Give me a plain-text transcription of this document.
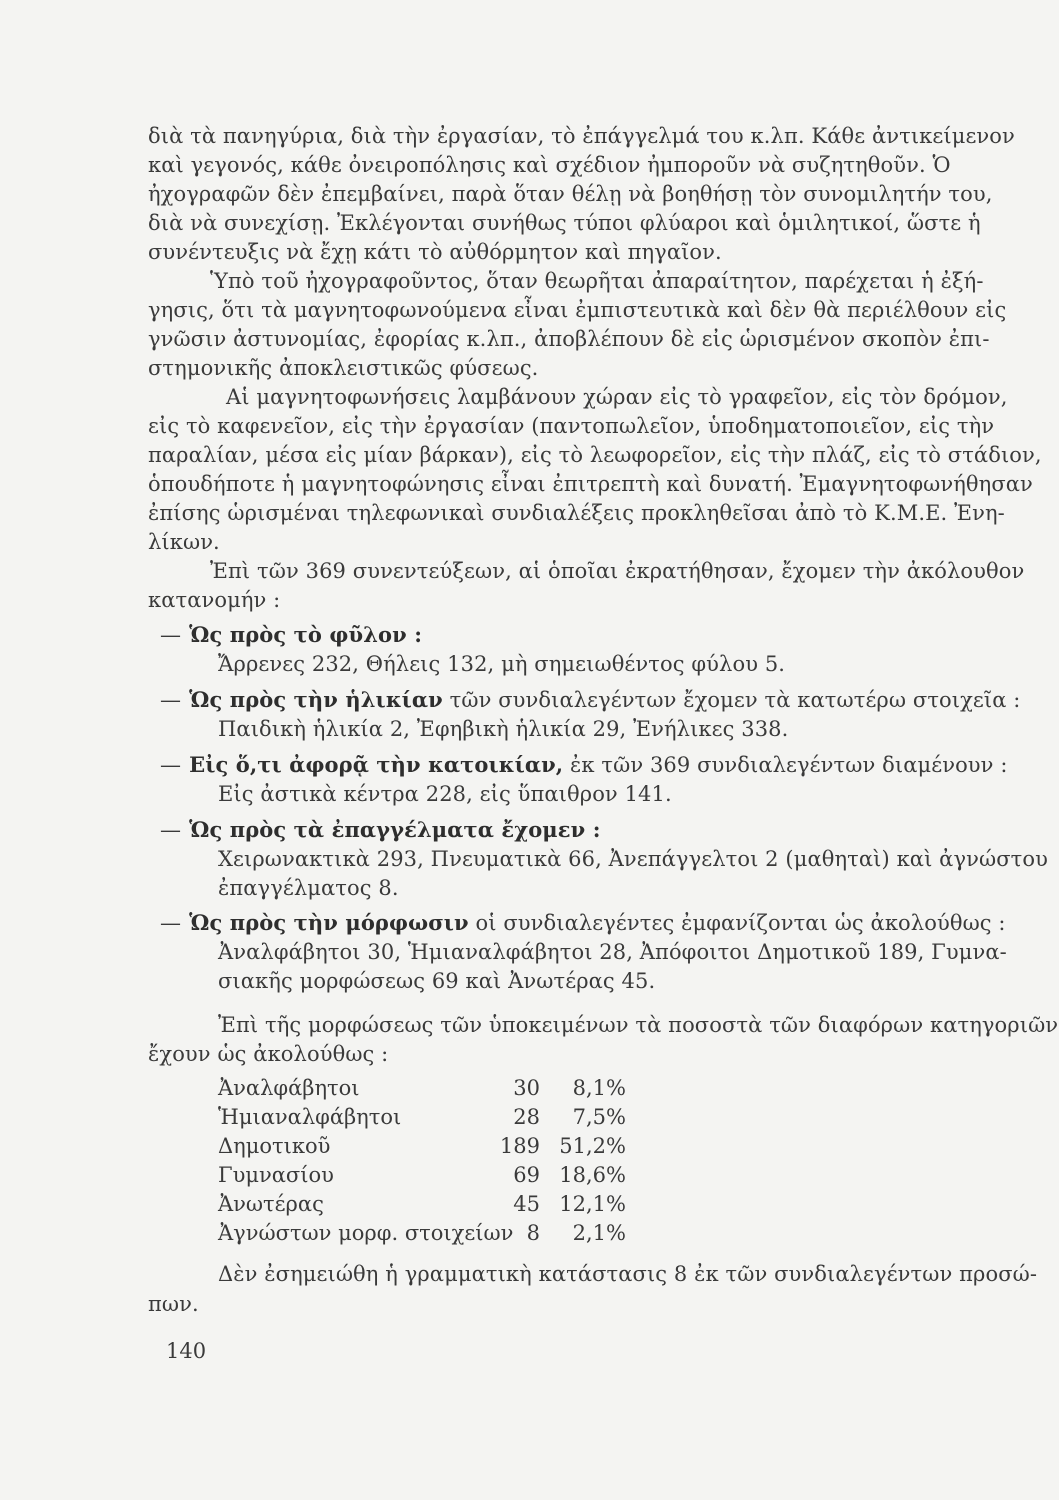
διὰ τὰ πανηγύρια, διὰ τὴν ἐργασίαν, τὸ ἐπάγγελμά του κ.λπ. Κάθε ἀντικείμενον
καὶ γεγονός, κάθε ὀνειροπόλησις καὶ σχέδιον ἠμποροῦν νὰ συζητηθοῦν. Ὁ
ἠχογραφῶν δὲν ἐπεμβαίνει, παρὰ ὅταν θέλῃ νὰ βοηθήσῃ τὸν συνομιλητήν του,
διὰ νὰ συνεχίσῃ. Ἐκλέγονται συνήθως τύποι φλύαροι καὶ ὁμιλητικοί, ὥστε ἡ
συνέντευξις νὰ ἔχῃ κάτι τὸ αὐθόρμητον καὶ πηγαῖον.
Ὑπὸ τοῦ ἠχογραφοῦντος, ὅταν θεωρῆται ἀπαραίτητον, παρέχεται ἡ ἐξή-
γησις, ὅτι τὰ μαγνητοφωνούμενα εἶναι ἐμπιστευτικὰ καὶ δὲν θὰ περιέλθουν εἰς
γνῶσιν ἀστυνομίας, ἐφορίας κ.λπ., ἀποβλέπουν δὲ εἰς ὡρισμένον σκοπὸν ἐπι-
στημονικῆς ἀποκλειστικῶς φύσεως.
Αἱ μαγνητοφωνήσεις λαμβάνουν χώραν εἰς τὸ γραφεῖον, εἰς τὸν δρόμον,
εἰς τὸ καφενεῖον, εἰς τὴν ἐργασίαν (παντοπωλεῖον, ὑποδηματοποιεῖον, εἰς τὴν
παραλίαν, μέσα εἰς μίαν βάρκαν), εἰς τὸ λεωφορεῖον, εἰς τὴν πλάζ, εἰς τὸ στάδιον,
ὁπουδήποτε ἡ μαγνητοφώνησις εἶναι ἐπιτρεπτὴ καὶ δυνατή. Ἐμαγνητοφωνήθησαν
ἐπίσης ὡρισμέναι τηλεφωνικαὶ συνδιαλέξεις προκληθεῖσαι ἀπὸ τὸ Κ.Μ.Ε. Ἐνη-
λίκων.
Ἐπὶ τῶν 369 συνεντεύξεων, αἱ ὁποῖαι ἐκρατήθησαν, ἔχομεν τὴν ἀκόλουθον
κατανομήν :
— Ὡς πρὸς τὸ φῦλον :
Ἄρρενες 232, Θήλεις 132, μὴ σημειωθέντος φύλου 5.
— Ὡς πρὸς τὴν ἡλικίαν τῶν συνδιαλεγέντων ἔχομεν τὰ κατωτέρω στοιχεῖα :
Παιδικὴ ἡλικία 2, Ἐφηβικὴ ἡλικία 29, Ἐνήλικες 338.
— Εἰς ὅ,τι ἀφορᾷ τὴν κατοικίαν, ἐκ τῶν 369 συνδιαλεγέντων διαμένουν :
Εἰς ἀστικὰ κέντρα 228, εἰς ὕπαιθρον 141.
— Ὡς πρὸς τὰ ἐπαγγέλματα ἔχομεν :
Χειρωνακτικὰ 293, Πνευματικὰ 66, Ἀνεπάγγελτοι 2 (μαθηταὶ) καὶ ἀγνώστου
ἐπαγγέλματος 8.
— Ὡς πρὸς τὴν μόρφωσιν οἱ συνδιαλεγέντες ἐμφανίζονται ὡς ἀκολούθως :
Ἀναλφάβητοι 30, Ἡμιαναλφάβητοι 28, Ἀπόφοιτοι Δημοτικοῦ 189, Γυμνα-
σιακῆς μορφώσεως 69 καὶ Ἀνωτέρας 45.
Ἐπὶ τῆς μορφώσεως τῶν ὑποκειμένων τὰ ποσοστὰ τῶν διαφόρων κατηγοριῶν
ἔχουν ὡς ἀκολούθως :
Ἀναλφάβητοι	30	8,1%
Ἡμιαναλφάβητοι	28	7,5%
Δημοτικοῦ	189 51,2%
Γυμνασίου	69 18,6%
Ἀνωτέρας	45 12,1%
Ἀγνώστων μορφ. στοιχείων 8	2,1%
Δὲν ἐσημειώθη ἡ γραμματικὴ κατάστασις 8 ἐκ τῶν συνδιαλεγέντων προσώ-
πων.
140
